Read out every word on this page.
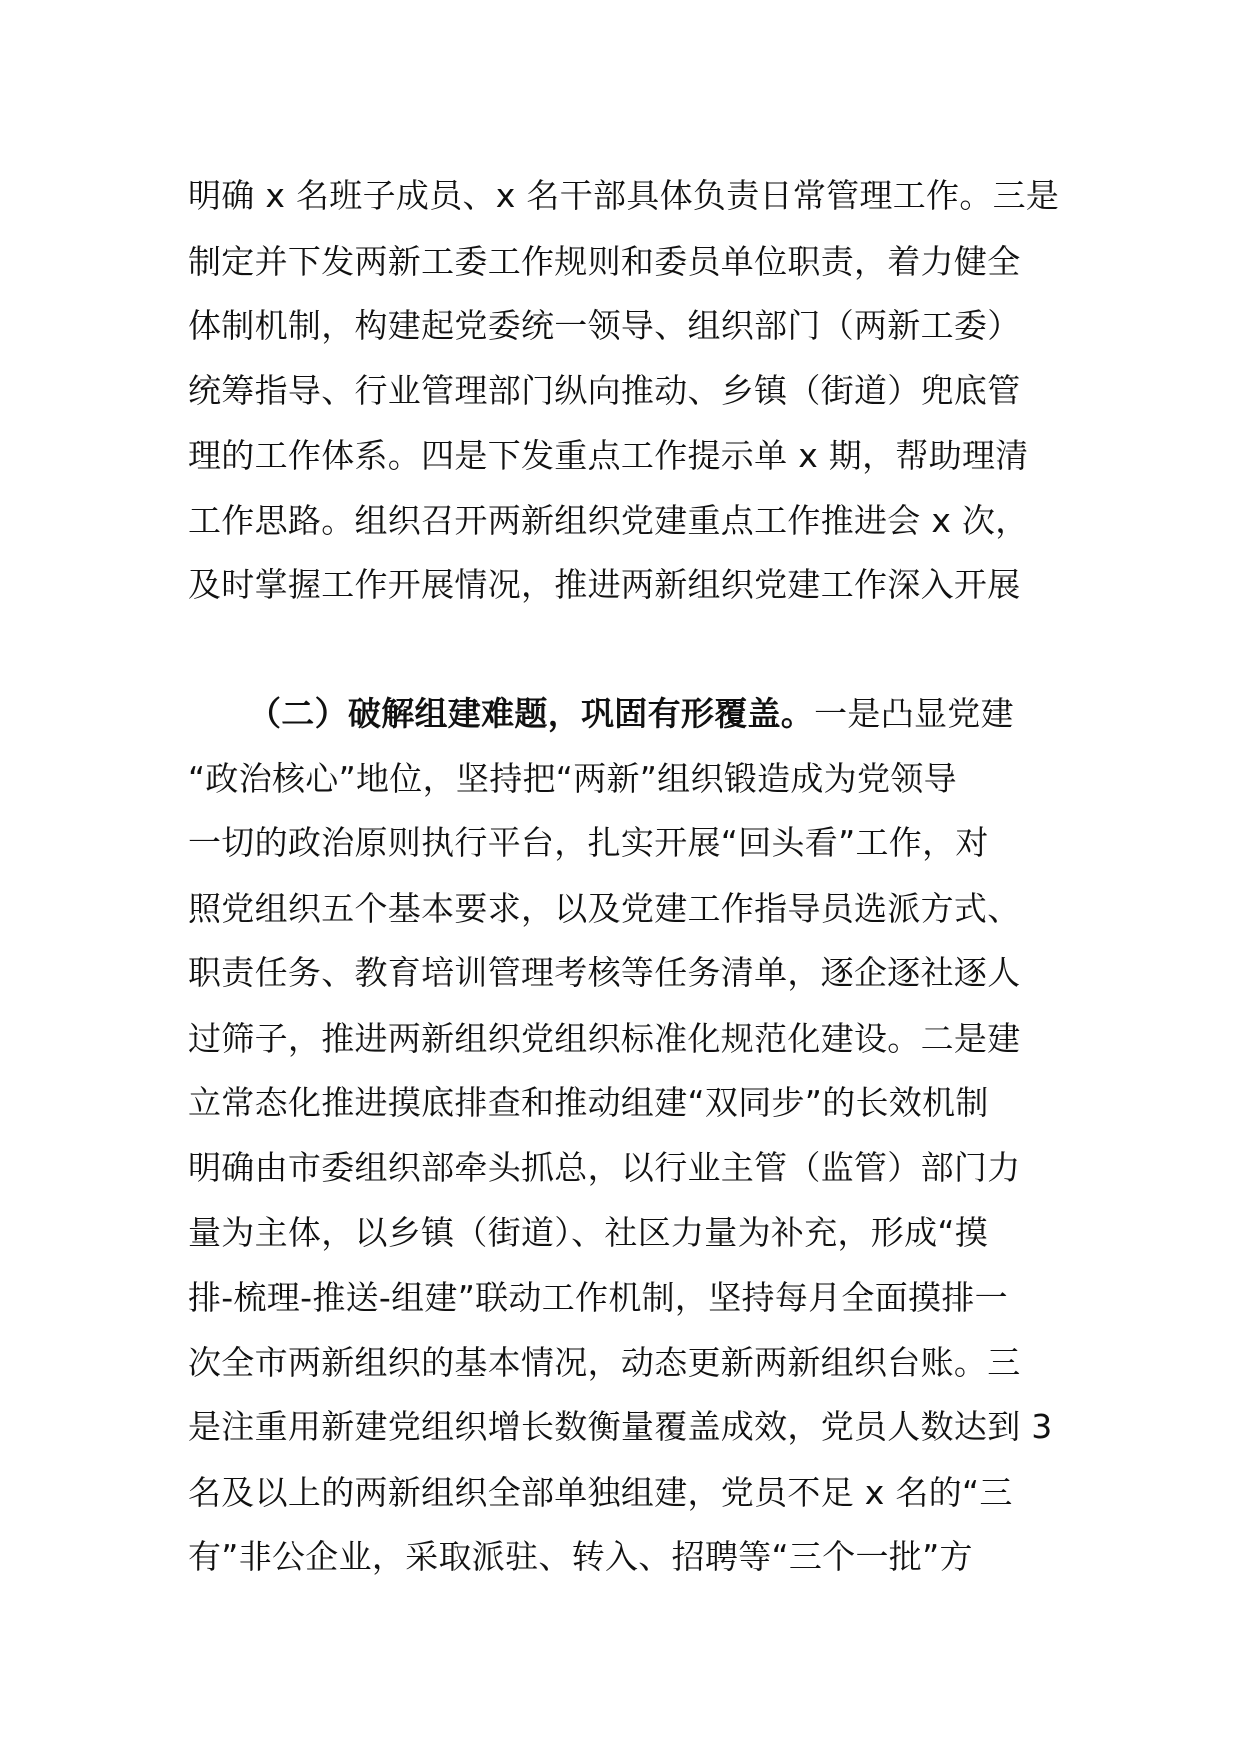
明确 x 名班子成员、x 名干部具体负责日常管理工作。三是
制定并下发两新工委工作规则和委员单位职责，着力健全
体制机制，构建起党委统一领导、组织部门（两新工委）
统筹指导、行业管理部门纵向推动、乡镇（街道）兜底管
理的工作体系。四是下发重点工作提示单 x 期，帮助理清
工作思路。组织召开两新组织党建重点工作推进会 x 次，
及时掌握工作开展情况，推进两新组织党建工作深入开展
（二）破解组建难题，巩固有形覆盖。一是凸显党建
“政治核心”地位，坚持把“两新”组织锻造成为党领导
一切的政治原则执行平台，扎实开展“回头看”工作，对
照党组织五个基本要求，以及党建工作指导员选派方式、
职责任务、教育培训管理考核等任务清单，逐企逐社逐人
过筛子，推进两新组织党组织标准化规范化建设。二是建
立常态化推进摸底排查和推动组建“双同步”的长效机制
明确由市委组织部牵头抓总，以行业主管（监管）部门力
量为主体，以乡镇（街道）、社区力量为补充，形成“摸
排-梳理-推送-组建”联动工作机制，坚持每月全面摸排一
次全市两新组织的基本情况，动态更新两新组织台账。三
是注重用新建党组织增长数衡量覆盖成效，党员人数达到 3
名及以上的两新组织全部单独组建，党员不足 x 名的“三
有”非公企业，采取派驻、转入、招聘等“三个一批”方
